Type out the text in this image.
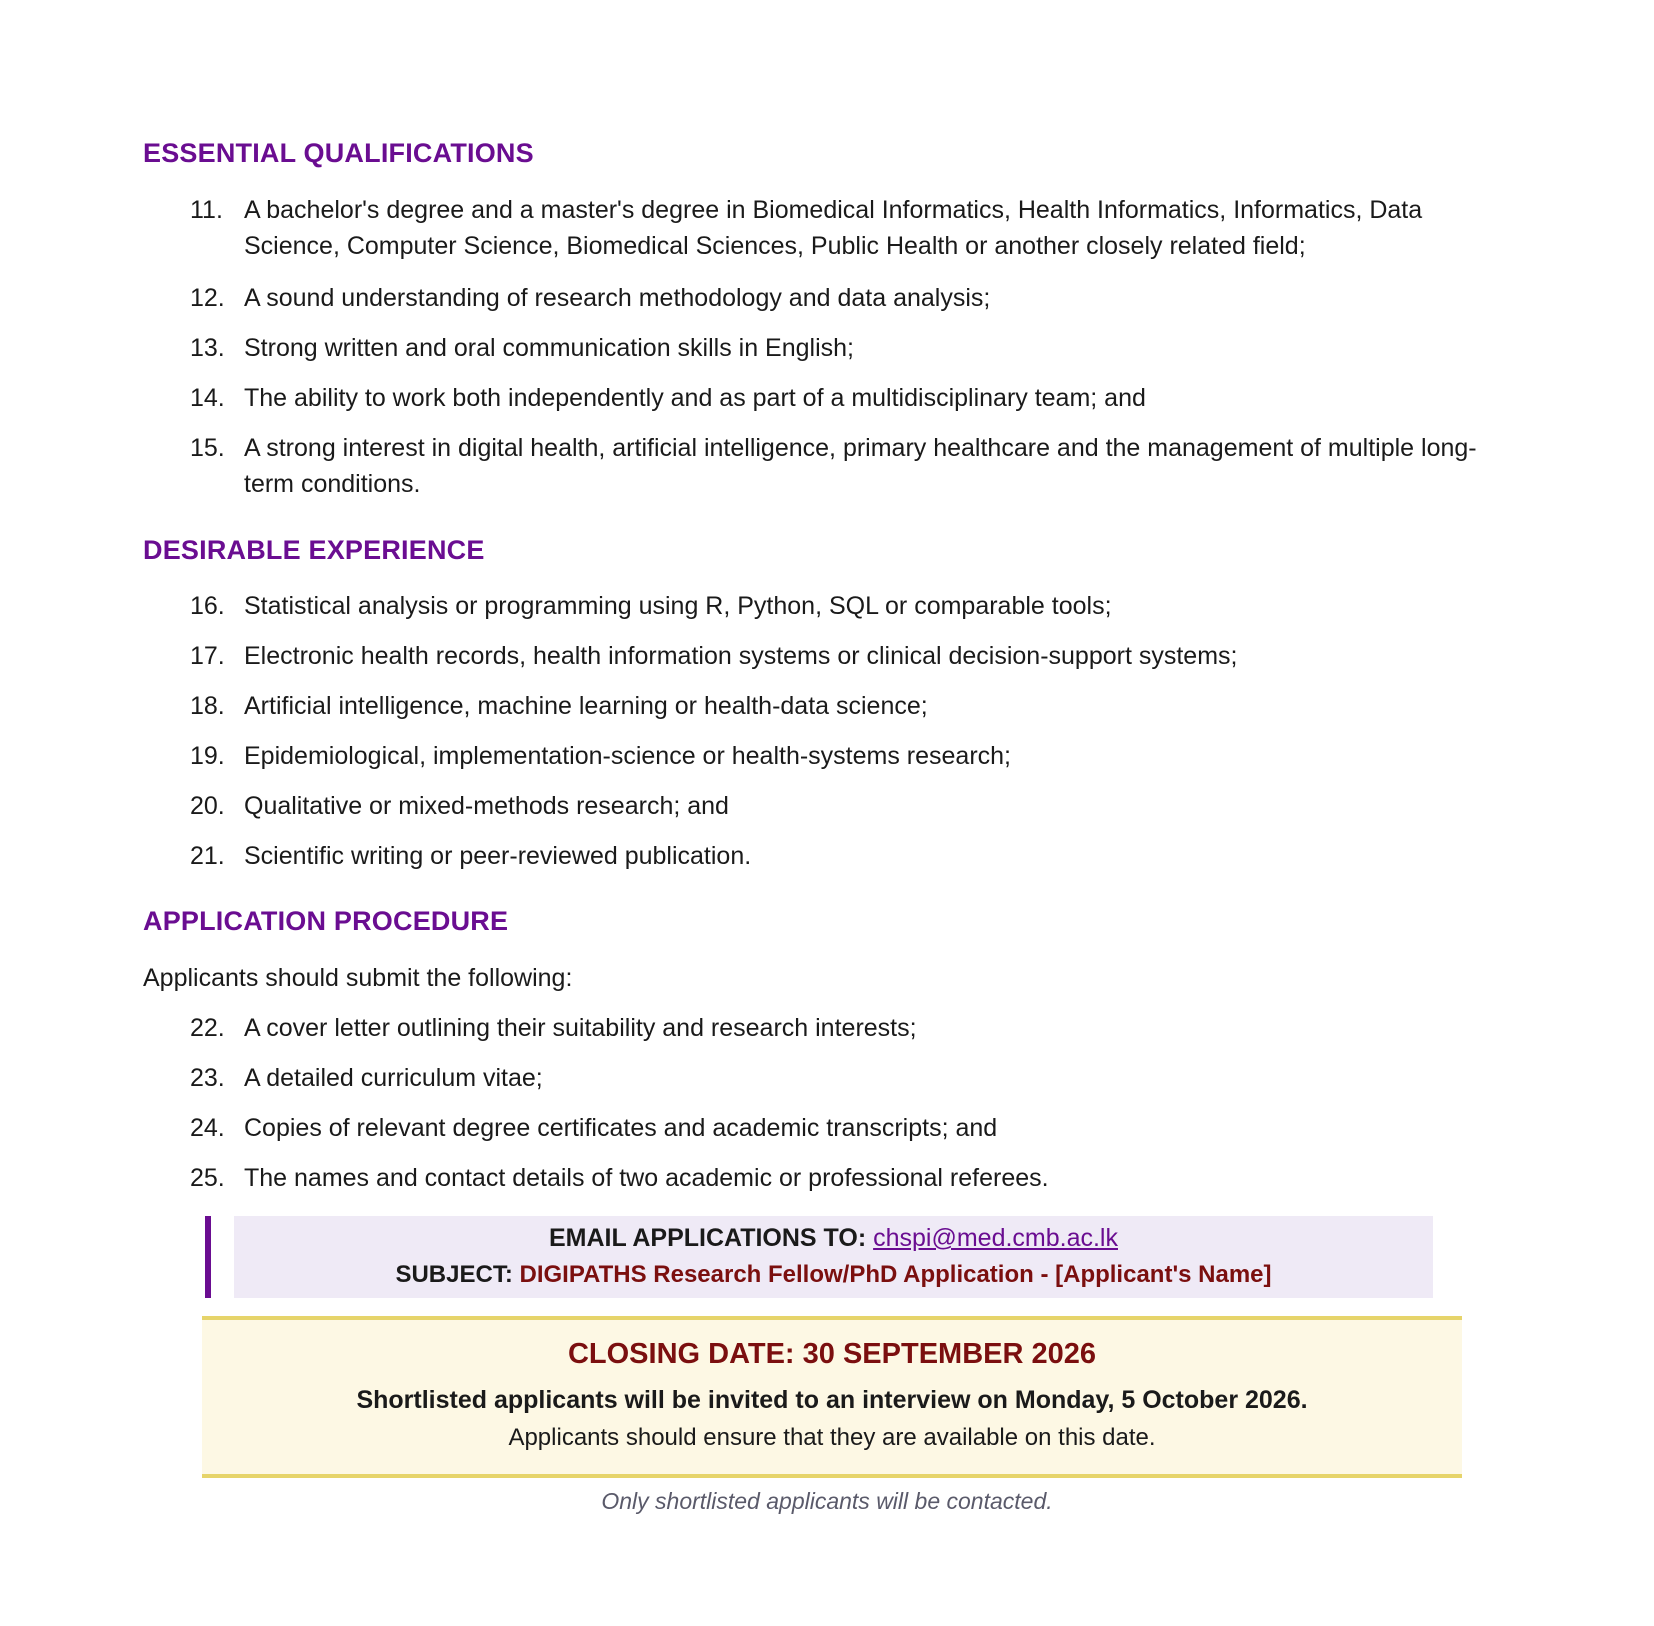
ESSENTIAL QUALIFICATIONS
11. A bachelor's degree and a master's degree in Biomedical Informatics, Health Informatics, Informatics, Data Science, Computer Science, Biomedical Sciences, Public Health or another closely related field;
12. A sound understanding of research methodology and data analysis;
13. Strong written and oral communication skills in English;
14. The ability to work both independently and as part of a multidisciplinary team; and
15. A strong interest in digital health, artificial intelligence, primary healthcare and the management of multiple long-term conditions.
DESIRABLE EXPERIENCE
16. Statistical analysis or programming using R, Python, SQL or comparable tools;
17. Electronic health records, health information systems or clinical decision-support systems;
18. Artificial intelligence, machine learning or health-data science;
19. Epidemiological, implementation-science or health-systems research;
20. Qualitative or mixed-methods research; and
21. Scientific writing or peer-reviewed publication.
APPLICATION PROCEDURE
Applicants should submit the following:
22. A cover letter outlining their suitability and research interests;
23. A detailed curriculum vitae;
24. Copies of relevant degree certificates and academic transcripts; and
25. The names and contact details of two academic or professional referees.
EMAIL APPLICATIONS TO: chspi@med.cmb.ac.lk
SUBJECT: DIGIPATHS Research Fellow/PhD Application - [Applicant's Name]
CLOSING DATE: 30 SEPTEMBER 2026
Shortlisted applicants will be invited to an interview on Monday, 5 October 2026.
Applicants should ensure that they are available on this date.
Only shortlisted applicants will be contacted.
